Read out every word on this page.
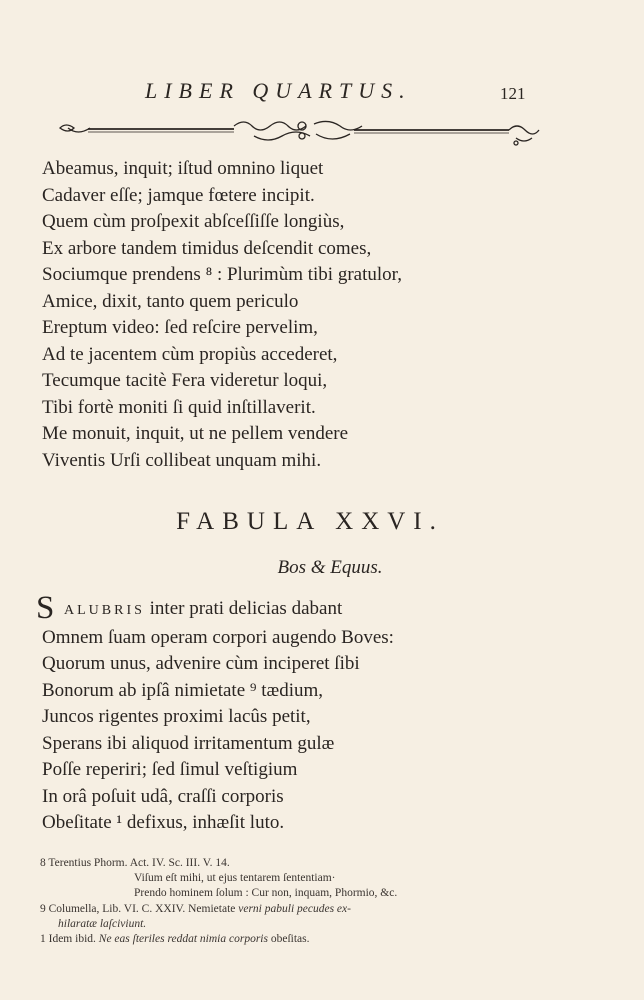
LIBER QUARTUS.	121
Abeamus, inquit; iſtud omnino liquet
Cadaver eſſe; jamque fœtere incipit.
Quem cùm proſpexit abſceſſiſſe longiùs,
Ex arbore tandem timidus deſcendit comes,
Sociumque prendens ⁸ : Plurimùm tibi gratulor,
Amice, dixit, tanto quem periculo
Ereptum video: ſed reſcire pervelim,
Ad te jacentem cùm propiùs accederet,
Tecumque tacitè Fera videretur loqui,
Tibi fortè moniti ſi quid inſtillaverit.
Me monuit, inquit, ut ne pellem vendere
Viventis Urſi collibeat unquam mihi.
FABULA XXVI.
Bos & Equus.
S ALUBRIS inter prati delicias dabant
Omnem ſuam operam corpori augendo Boves:
Quorum unus, advenire cùm inciperet ſibi
Bonorum ab ipſâ nimietate ⁹ tædium,
Juncos rigentes proximi lacûs petit,
Sperans ibi aliquod irritamentum gulæ
Poſſe reperiri; ſed ſimul veſtigium
In orâ poſuit udâ, craſſi corporis
Obeſitate ¹ defixus, inhæſit luto.
8 Terentius Phorm. Act. IV. Sc. III. V. 14.
Viſum eſt mihi, ut ejus tentarem ſententiam·
Prendo hominem ſolum : Cur non, inquam, Phormio, &c.
9 Columella, Lib. VI. C. XXIV. Nemietate verni pabuli pecudes ex-
hilaratæ laſciviunt.
1 Idem ibid. Ne eas ſteriles reddat nimia corporis obeſitas.
